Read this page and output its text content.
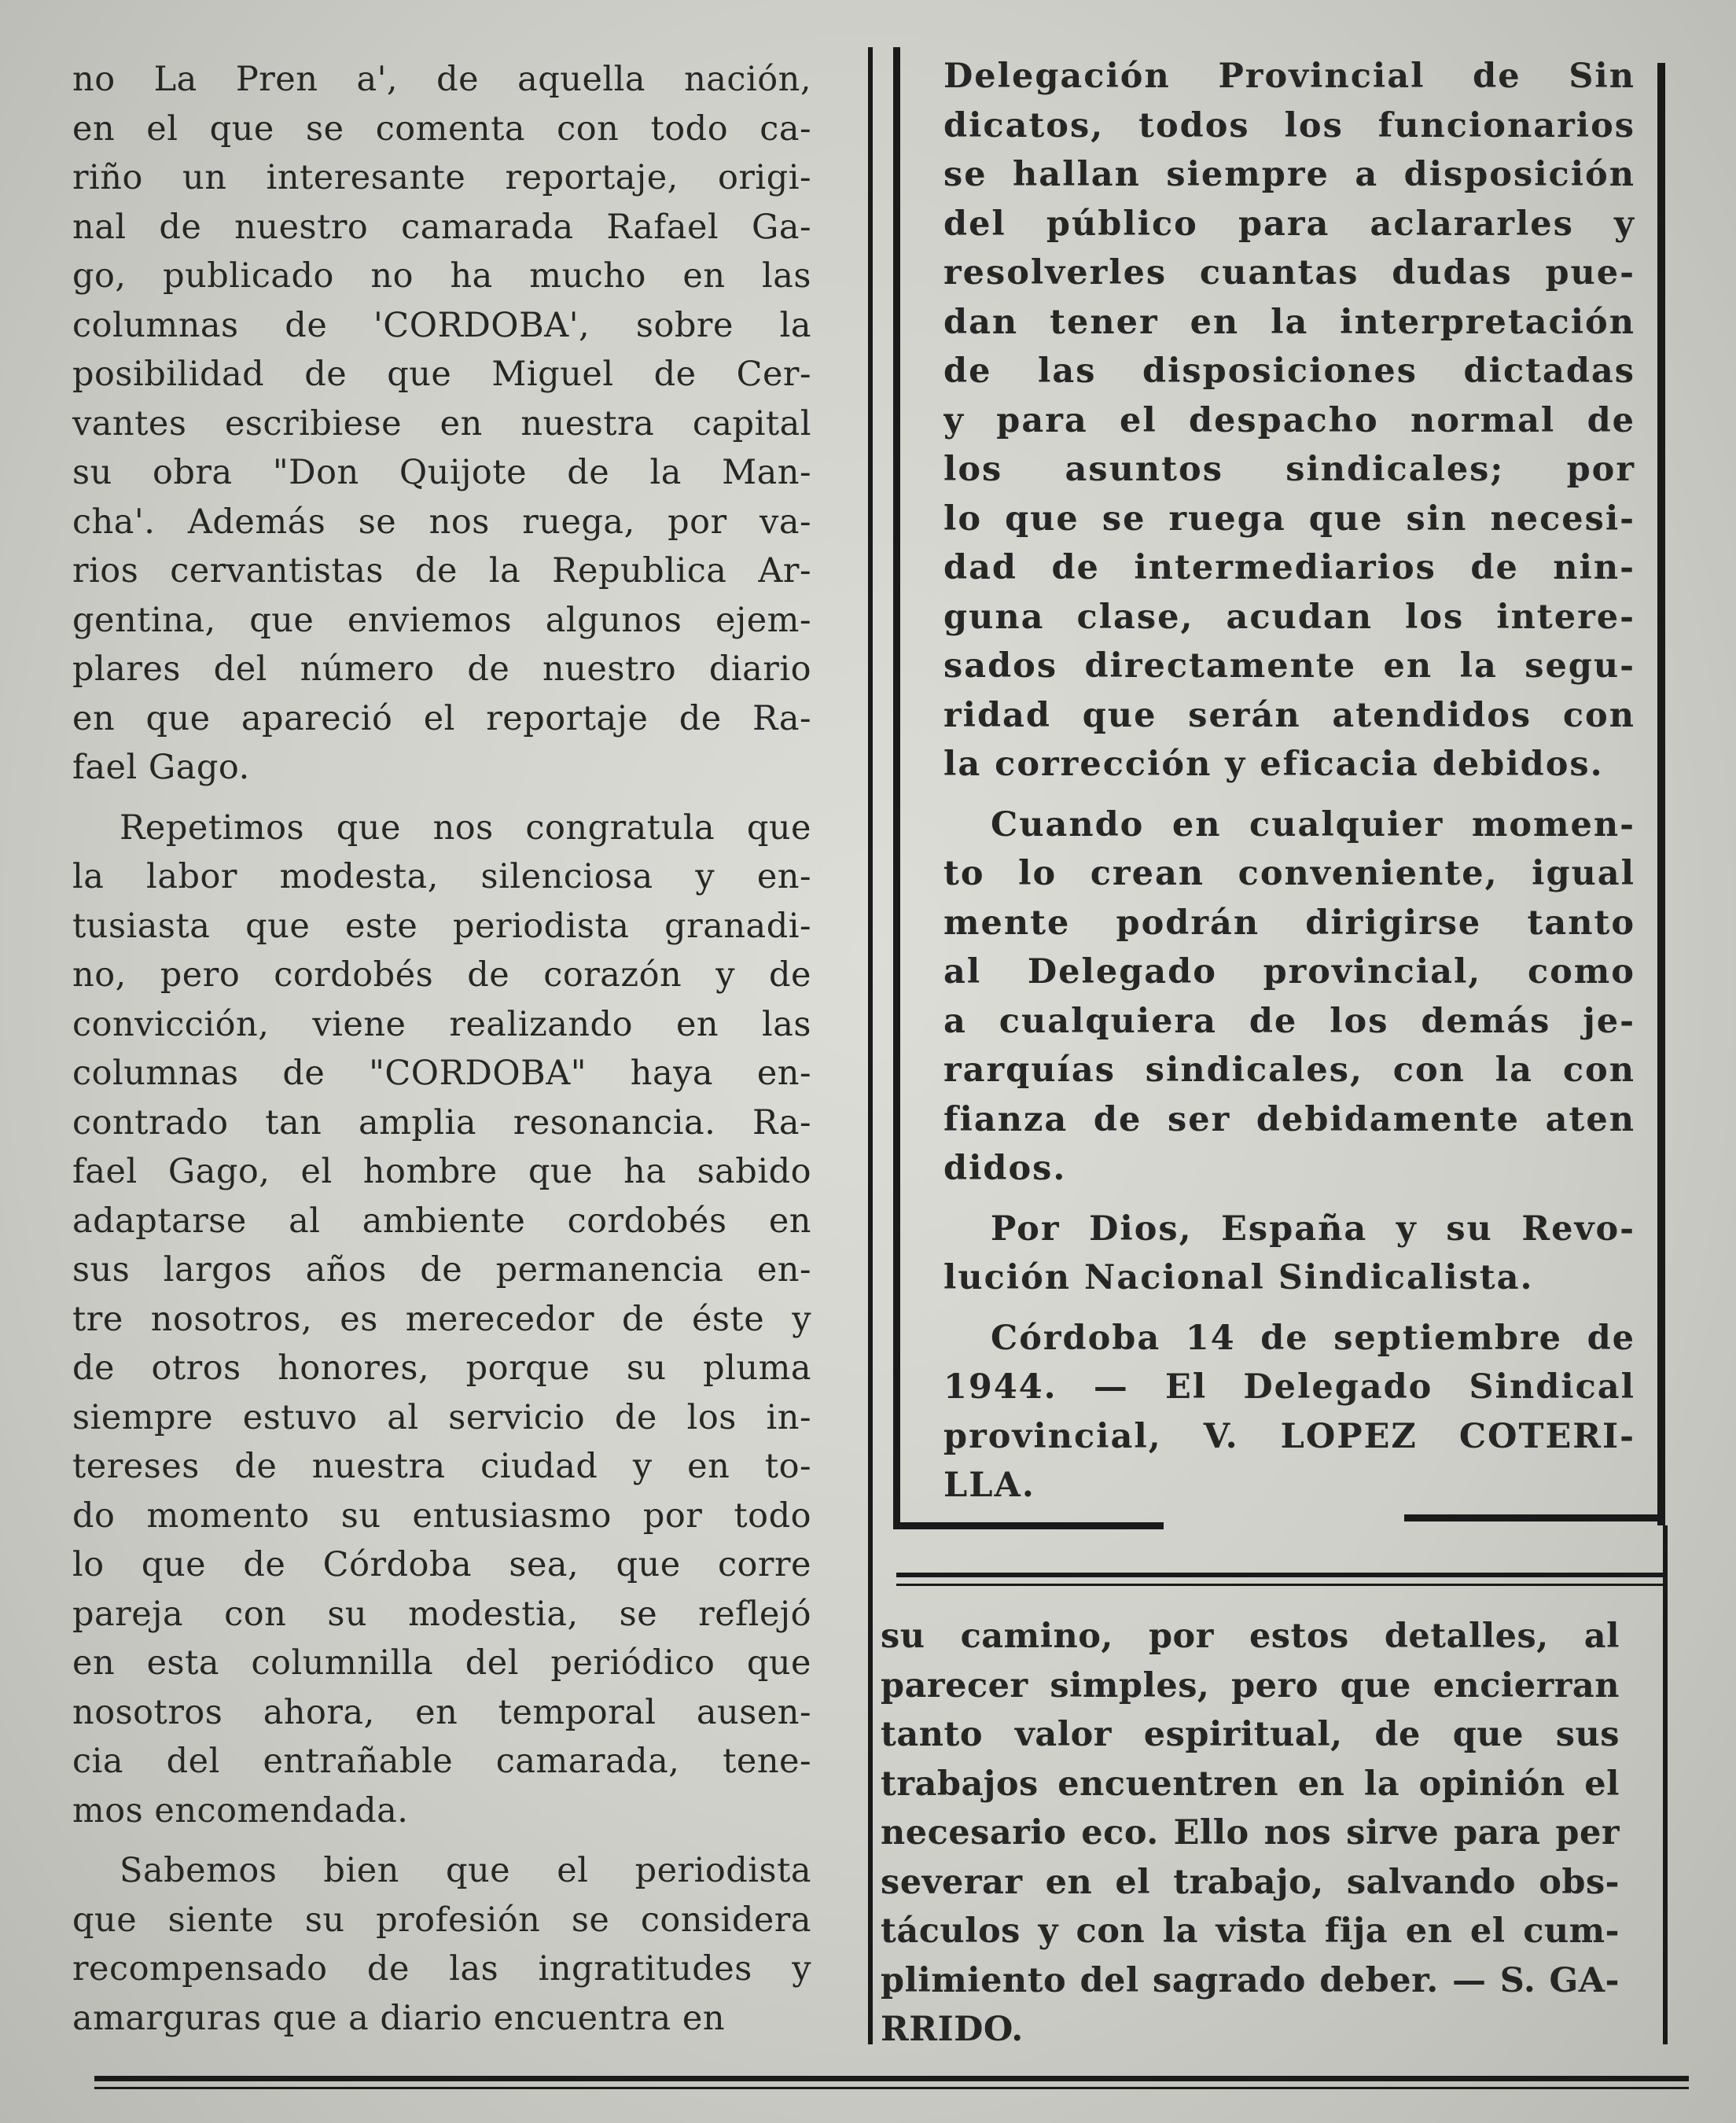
no La Pren a', de aquella nación,
en el que se comenta con todo ca-
riño un interesante reportaje, origi-
nal de nuestro camarada Rafael Ga-
go, publicado no ha mucho en las
columnas de 'CORDOBA', sobre la
posibilidad de que Miguel de Cer-
vantes escribiese en nuestra capital
su obra "Don Quijote de la Man-
cha'. Además se nos ruega, por va-
rios cervantistas de la Republica Ar-
gentina, que enviemos algunos ejem-
plares del número de nuestro diario
en que apareció el reportaje de Ra-
fael Gago.

Repetimos que nos congratula que
la labor modesta, silenciosa y en-
tusiasta que este periodista granadi-
no, pero cordobés de corazón y de
convicción, viene realizando en las
columnas de "CORDOBA" haya en-
contrado tan amplia resonancia. Ra-
fael Gago, el hombre que ha sabido
adaptarse al ambiente cordobés en
sus largos años de permanencia en-
tre nosotros, es merecedor de éste y
de otros honores, porque su pluma
siempre estuvo al servicio de los in-
tereses de nuestra ciudad y en to-
do momento su entusiasmo por todo
lo que de Córdoba sea, que corre
pareja con su modestia, se reflejó
en esta columnilla del periódico que
nosotros ahora, en temporal ausen-
cia del entrañable camarada, tene-
mos encomendada.

Sabemos bien que el periodista
que siente su profesión se considera
recompensado de las ingratitudes y
amarguras que a diario encuentra en

Delegación Provincial de Sin
dicatos, todos los funcionarios
se hallan siempre a disposición
del público para aclararles y
resolverles cuantas dudas pue-
dan tener en la interpretación
de las disposiciones dictadas
y para el despacho normal de
los asuntos sindicales; por
lo que se ruega que sin necesi-
dad de intermediarios de nin-
guna clase, acudan los intere-
sados directamente en la segu-
ridad que serán atendidos con
la corrección y eficacia debidos.

Cuando en cualquier momen-
to lo crean conveniente, igual
mente podrán dirigirse tanto
al Delegado provincial, como
a cualquiera de los demás je-
rarquías sindicales, con la con
fianza de ser debidamente aten
didos.

Por Dios, España y su Revo-
lución Nacional Sindicalista.

Córdoba 14 de septiembre de
1944. — El Delegado Sindical
provincial, V. LOPEZ COTERI-
LLA.

su camino, por estos detalles, al
parecer simples, pero que encierran
tanto valor espiritual, de que sus
trabajos encuentren en la opinión el
necesario eco. Ello nos sirve para per
severar en el trabajo, salvando obs-
táculos y con la vista fija en el cum-
plimiento del sagrado deber. — S. GA-
RRIDO.
